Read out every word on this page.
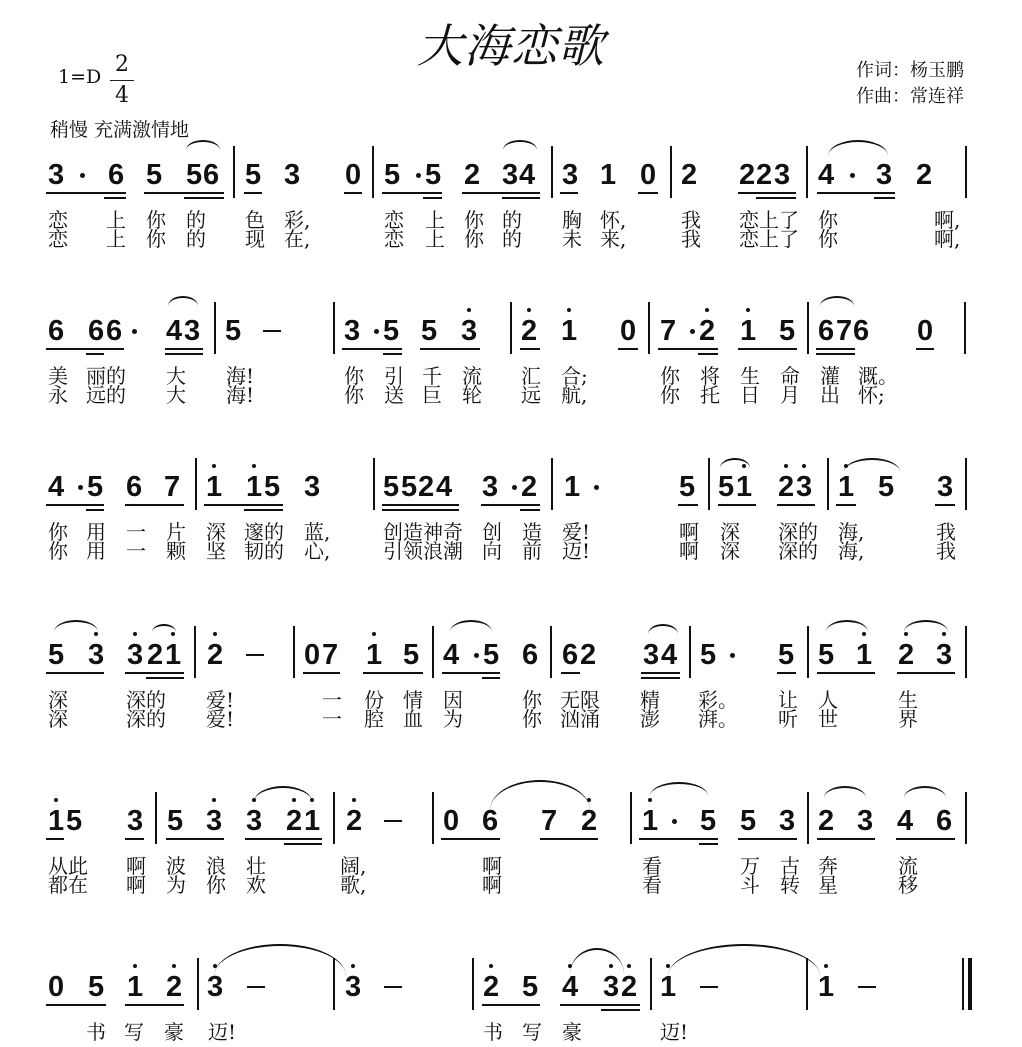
大海恋歌
1=D 2
4
稍慢 充满激情地
作词：杨玉鹏
作曲：常连祥
3 6 5 5 6 5 3 0 5 5 2 3 4 3 1 0 2 2 2 3 4 3 2
恋 上 你 的 色 彩,	恋 上 你 的 胸 怀,	我 恋上了 你	啊,
恋 上 你 的 现 在,	恋 上 你 的 未 来,	我 恋上了 你	啊,
6 6 6 4 3 5	3 5 5 3 2 1 0 7 2 1 5 6 7 6 0
美 丽的 大 海!	你 引 千 流 汇 合;	你 将 生 命 灌 溉。
永 远的 大 海!	你 送 巨 轮 远 航,	你 托 日 月 出 怀;
4 5 6 7 1 1 5 3 5 5 2 4 3 2 1	5 5 1 2 3 1 5 3
你 用 一 片 深 邃的 蓝,	创造神奇 创 造 爱!	啊 深 深的 海,	我
你 用 一 颗 坚 韧的 心,	引领浪潮 向 前 迈!	啊 深 深的 海,	我
5 3 3 2 1 2	0 7 1 5 4 5 6 6 2 3 4 5 5 5 1 2 3
深	深的 爱!	一 份 情 因	你 无限 精 彩。 让 人	生
深	深的 爱!	一 腔 血 为	你 汹涌 澎 湃。 听 世	界
1 5 3 5 3 3 2 1 2	0 6 7 2 1 5 5 3 2 3 4 6
从此 啊 波 浪 壮	阔,	啊	看	万 古 奔	流
都在 啊 为 你 欢	歌,	啊	看	斗 转 星	移
0 5 1 2 3	3	2 5 4 3 2 1	1
书 写 豪 迈!	书 写 豪	迈!
